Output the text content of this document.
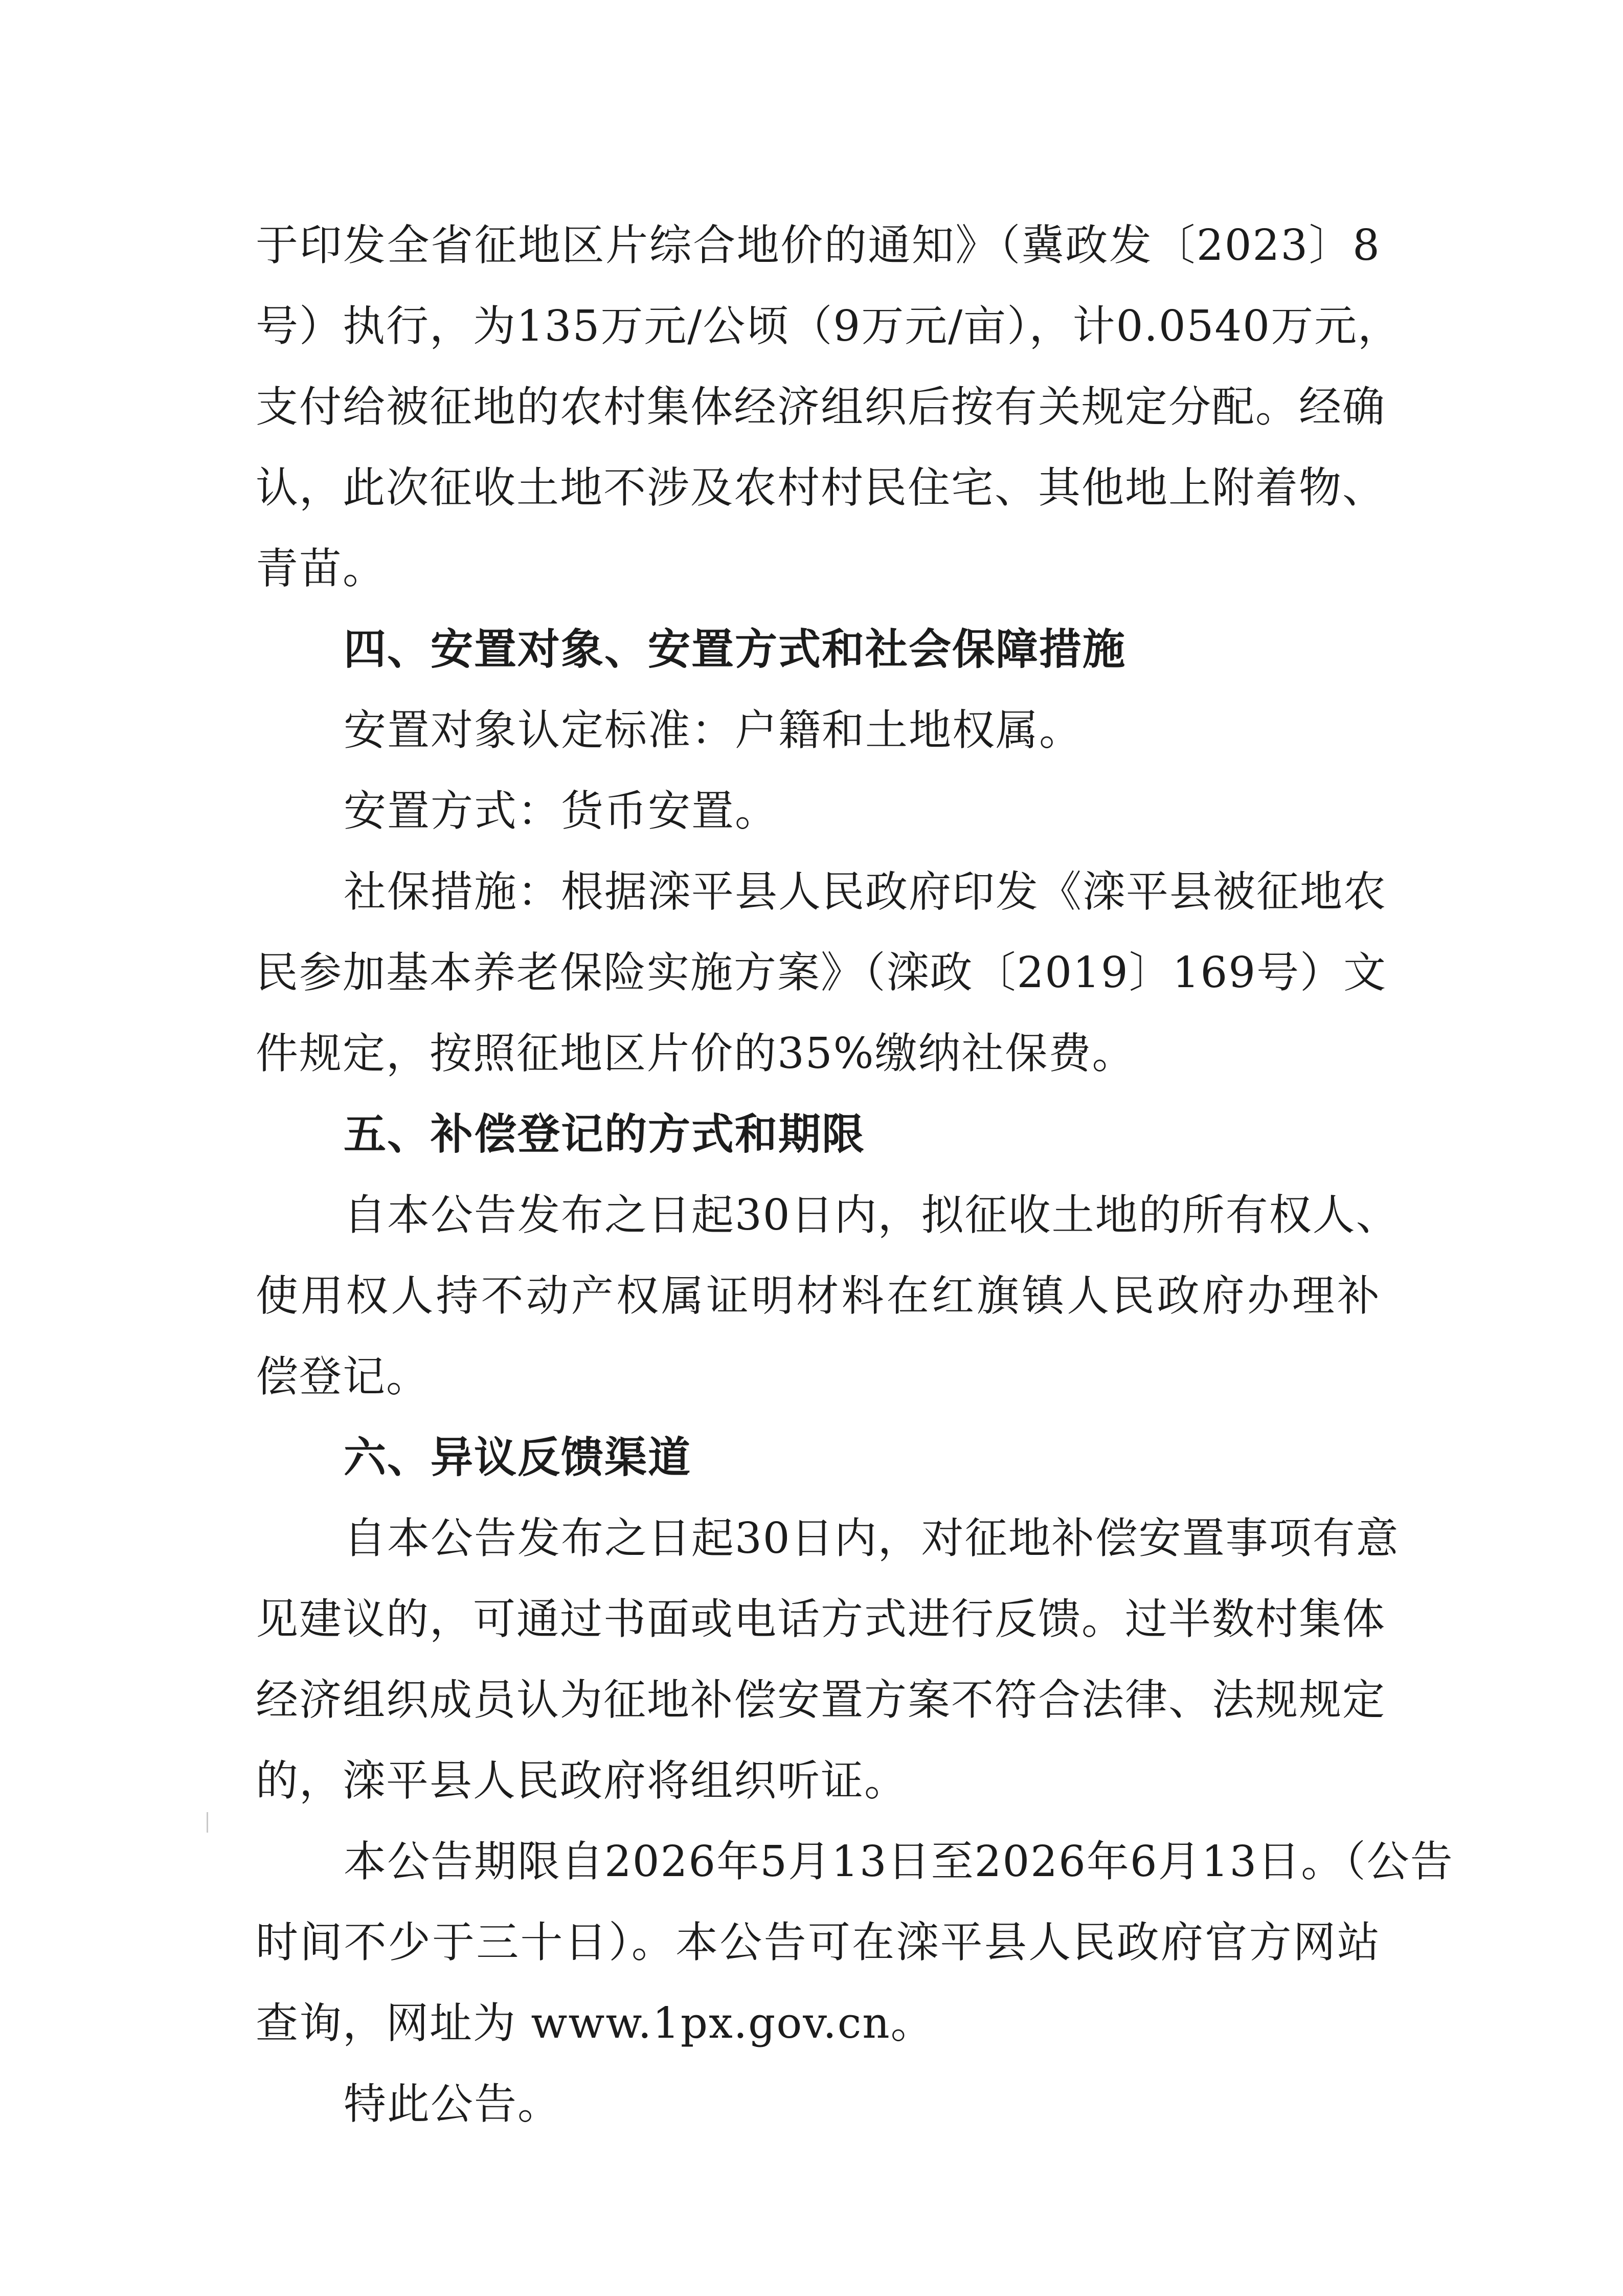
于印发全省征地区片综合地价的通知》（冀政发〔2023〕8
号）执行，为135万元/公顷（9万元/亩），计0.0540万元，
支付给被征地的农村集体经济组织后按有关规定分配。经确
认，此次征收土地不涉及农村村民住宅、其他地上附着物、
青苗。
四、安置对象、安置方式和社会保障措施
安置对象认定标准：户籍和土地权属。
安置方式：货币安置。
社保措施：根据滦平县人民政府印发《滦平县被征地农
民参加基本养老保险实施方案》（滦政〔2019〕169号）文
件规定，按照征地区片价的35%缴纳社保费。
五、补偿登记的方式和期限
自本公告发布之日起30日内，拟征收土地的所有权人、
使用权人持不动产权属证明材料在红旗镇人民政府办理补
偿登记。
六、异议反馈渠道
自本公告发布之日起30日内，对征地补偿安置事项有意
见建议的，可通过书面或电话方式进行反馈。过半数村集体
经济组织成员认为征地补偿安置方案不符合法律、法规规定
的，滦平县人民政府将组织听证。
本公告期限自2026年5月13日至2026年6月13日。（公告
时间不少于三十日）。本公告可在滦平县人民政府官方网站
查询，网址为 www.1px.gov.cn。
特此公告。
